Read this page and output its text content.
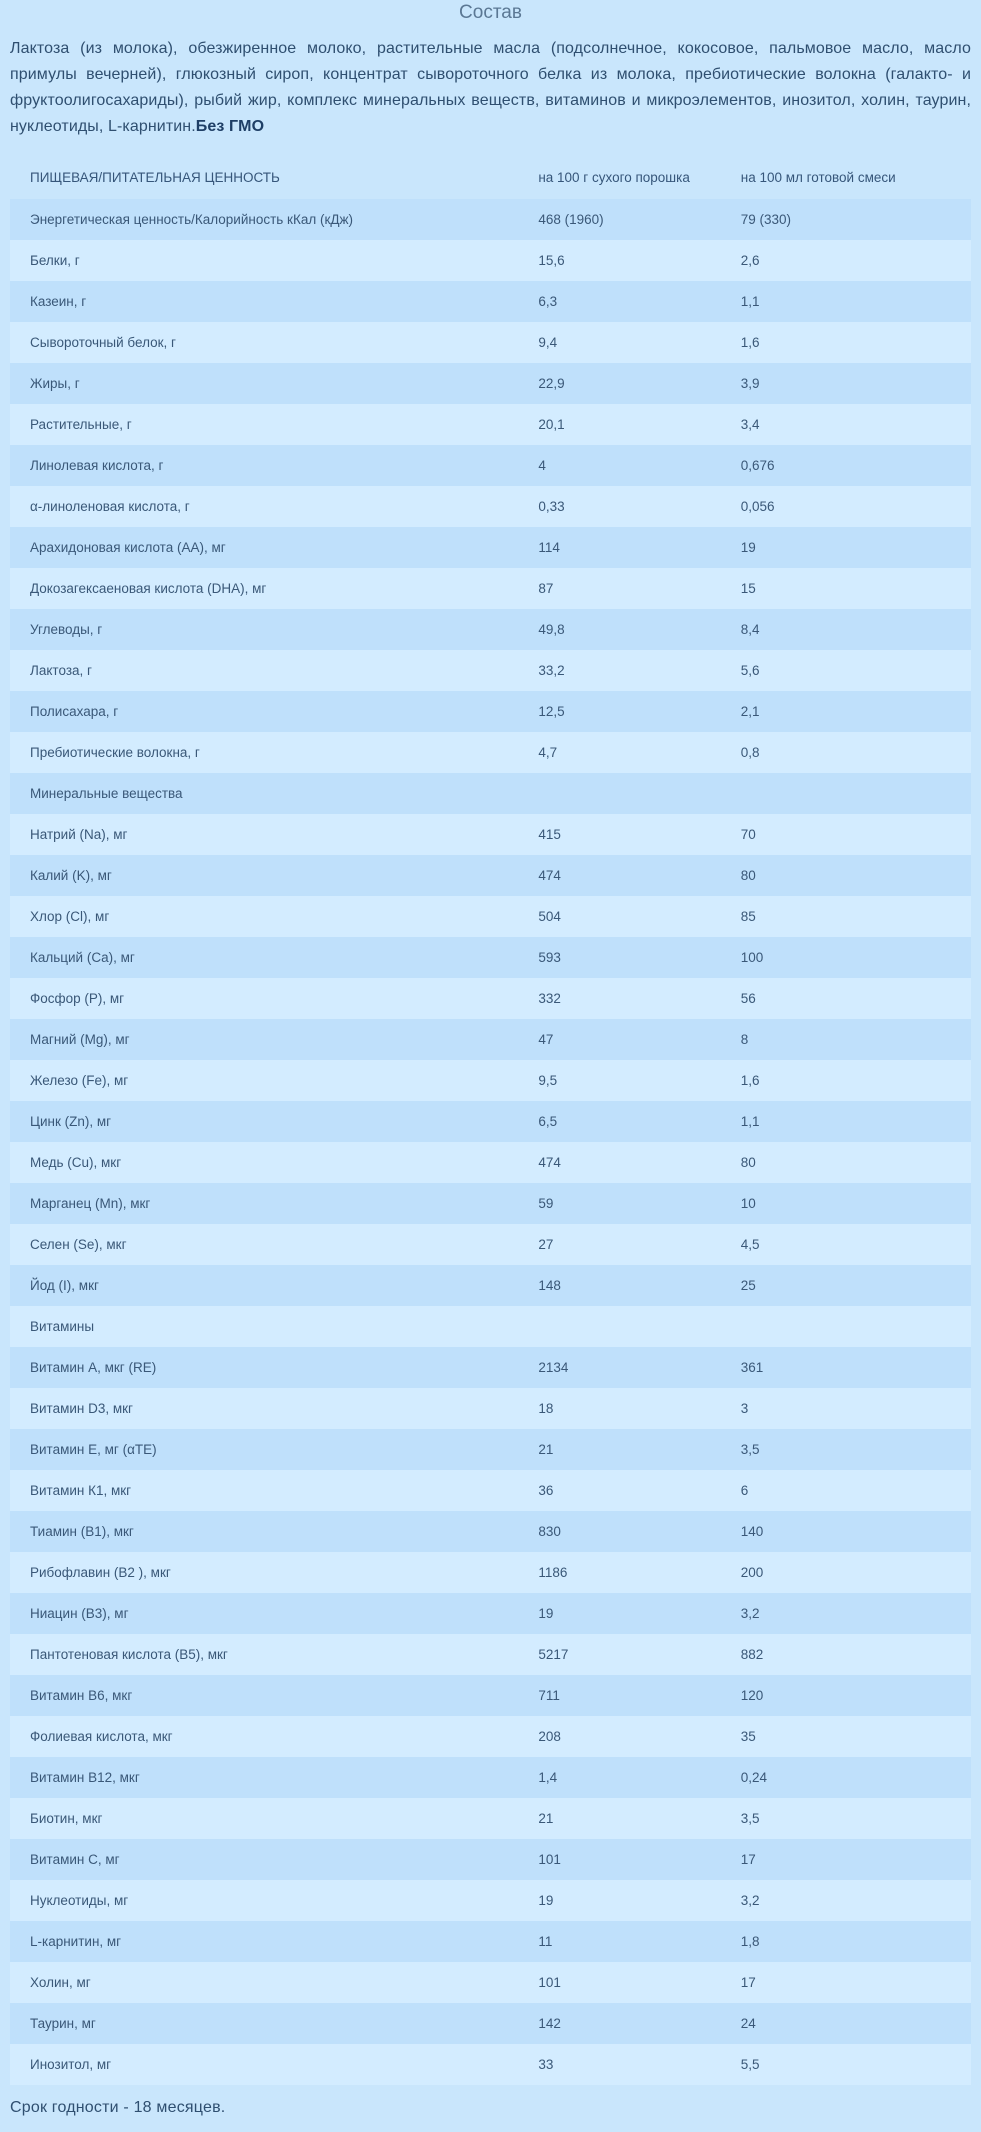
Состав

Лактоза (из молока), обезжиренное молоко, растительные масла (подсолнечное, кокосовое, пальмовое масло, масло примулы вечерней), глюкозный сироп, концентрат сывороточного белка из молока, пребиотические волокна (галакто- и фруктоолигосахариды), рыбий жир, комплекс минеральных веществ, витаминов и микроэлементов, инозитол, холин, таурин, нуклеотиды, L-карнитин.Без ГМО

ПИЩЕВАЯ/ПИТАТЕЛЬНАЯ ЦЕННОСТЬ	на 100 г сухого порошка	на 100 мл готовой смеси
Энергетическая ценность/Калорийность кКал (кДж)	468 (1960)	79 (330)
Белки, г	15,6	2,6
Казеин, г	6,3	1,1
Сывороточный белок, г	9,4	1,6
Жиры, г	22,9	3,9
Растительные, г	20,1	3,4
Линолевая кислота, г	4	0,676
α-линоленовая кислота, г	0,33	0,056
Арахидоновая кислота (АА), мг	114	19
Докозагексаеновая кислота (DHA), мг	87	15
Углеводы, г	49,8	8,4
Лактоза, г	33,2	5,6
Полисахара, г	12,5	2,1
Пребиотические волокна, г	4,7	0,8
Минеральные вещества		
Натрий (Na), мг	415	70
Калий (K), мг	474	80
Хлор (Cl), мг	504	85
Кальций (Ca), мг	593	100
Фосфор (P), мг	332	56
Магний (Mg), мг	47	8
Железо (Fe), мг	9,5	1,6
Цинк (Zn), мг	6,5	1,1
Медь (Cu), мкг	474	80
Марганец (Mn), мкг	59	10
Селен (Se), мкг	27	4,5
Йод (I), мкг	148	25
Витамины		
Витамин А, мкг (RE)	2134	361
Витамин D3, мкг	18	3
Витамин Е, мг (αTE)	21	3,5
Витамин К1, мкг	36	6
Тиамин (В1), мкг	830	140
Рибофлавин (В2 ), мкг	1186	200
Ниацин (В3), мг	19	3,2
Пантотеновая кислота (В5), мкг	5217	882
Витамин В6, мкг	711	120
Фолиевая кислота, мкг	208	35
Витамин В12, мкг	1,4	0,24
Биотин, мкг	21	3,5
Витамин С, мг	101	17
Нуклеотиды, мг	19	3,2
L-карнитин, мг	11	1,8
Холин, мг	101	17
Таурин, мг	142	24
Инозитол, мг	33	5,5
Срок годности - 18 месяцев.
